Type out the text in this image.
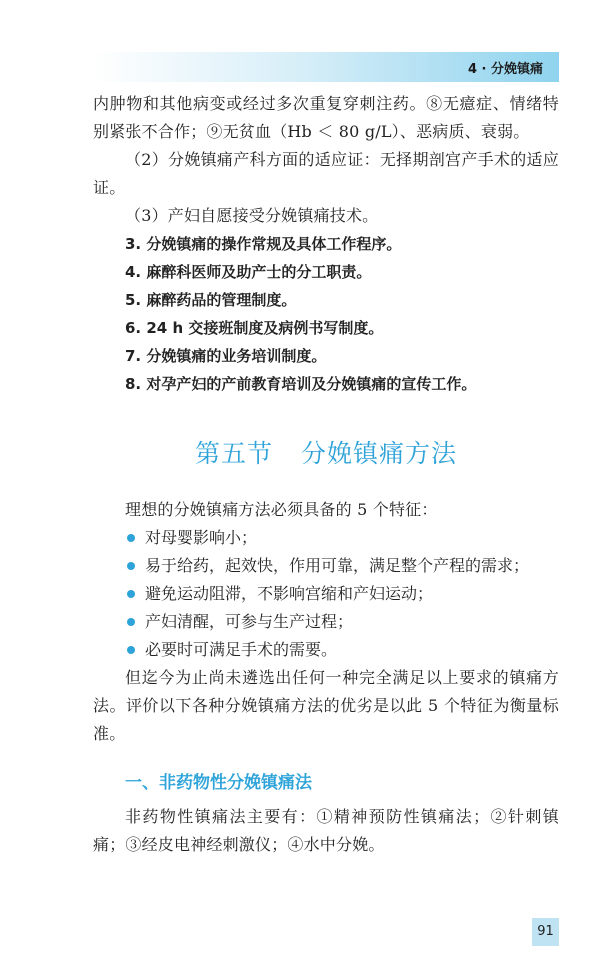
4 · 分娩镇痛

内肿物和其他病变或经过多次重复穿刺注药。⑧无癔症、情绪特别紧张不合作；⑨无贫血（Hb ＜ 80 g/L）、恶病质、衰弱。

（2）分娩镇痛产科方面的适应证：无择期剖宫产手术的适应证。

（3）产妇自愿接受分娩镇痛技术。

3. 分娩镇痛的操作常规及具体工作程序。

4. 麻醉科医师及助产士的分工职责。

5. 麻醉药品的管理制度。

6. 24 h 交接班制度及病例书写制度。

7. 分娩镇痛的业务培训制度。

8. 对孕产妇的产前教育培训及分娩镇痛的宣传工作。

第五节 分娩镇痛方法

理想的分娩镇痛方法必须具备的 5 个特征：

对母婴影响小；
易于给药，起效快，作用可靠，满足整个产程的需求；
避免运动阻滞，不影响宫缩和产妇运动；
产妇清醒，可参与生产过程；
必要时可满足手术的需要。

但迄今为止尚未遴选出任何一种完全满足以上要求的镇痛方法。评价以下各种分娩镇痛方法的优劣是以此 5 个特征为衡量标准。

一、非药物性分娩镇痛法

非药物性镇痛法主要有：①精神预防性镇痛法；②针刺镇痛；③经皮电神经刺激仪；④水中分娩。

91
